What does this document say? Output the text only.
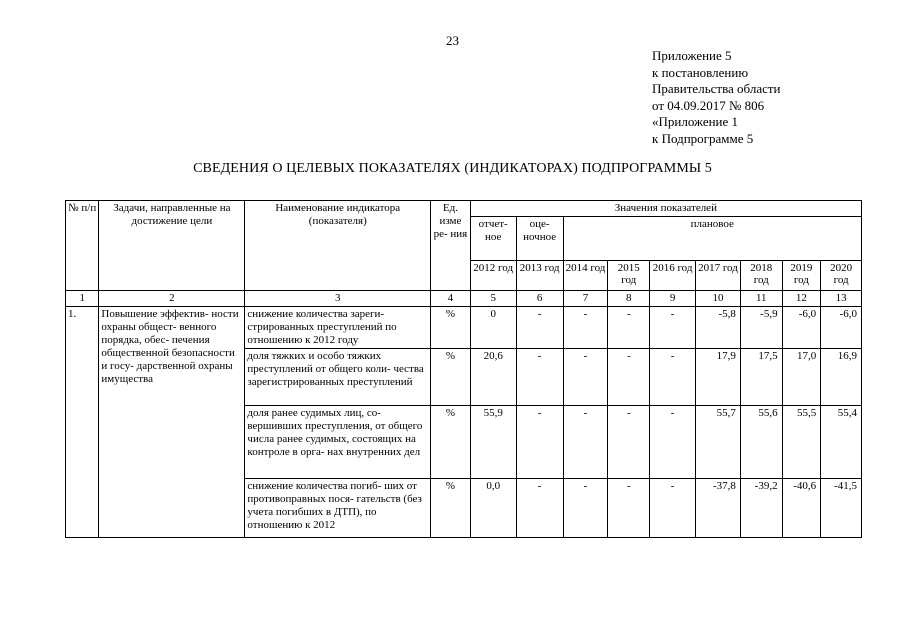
23
Приложение 5
к постановлению
Правительства области
от 04.09.2017 № 806
«Приложение 1
к Подпрограмме 5
СВЕДЕНИЯ О ЦЕЛЕВЫХ ПОКАЗАТЕЛЯХ (ИНДИКАТОРАХ) ПОДПРОГРАММЫ 5
№ п/п	Задачи, направленные на достижение цели	Наименование индикатора (показателя)	Ед. изме ре- ния	Значения показателей								
				отчет- ное	оце- ночное	плановое						
				2012 год	2013 год	2014 год	2015 год	2016 год	2017 год	2018 год	2019 год	2020 год
1	2	3	4	5	6	7	8	9	10	11	12	13
1.	Повышение эффектив- ности охраны общест- венного порядка, обес- печения общественной безопасности и госу- дарственной охраны имущества	снижение количества зареги- стрированных преступлений по отношению к 2012 году	%	0	-	-	-	-	-5,8	-5,9	-6,0	-6,0
		доля тяжких и особо тяжких преступлений от общего коли- чества зарегистрированных преступлений	%	20,6	-	-	-	-	17,9	17,5	17,0	16,9
		доля ранее судимых лиц, со- вершивших преступления, от общего числа ранее судимых, состоящих на контроле в орга- нах внутренних дел	%	55,9	-	-	-	-	55,7	55,6	55,5	55,4
		снижение количества погиб- ших от противоправных пося- гательств (без учета погибших в ДТП), по отношению к 2012	%	0,0	-	-	-	-	-37,8	-39,2	-40,6	-41,5
